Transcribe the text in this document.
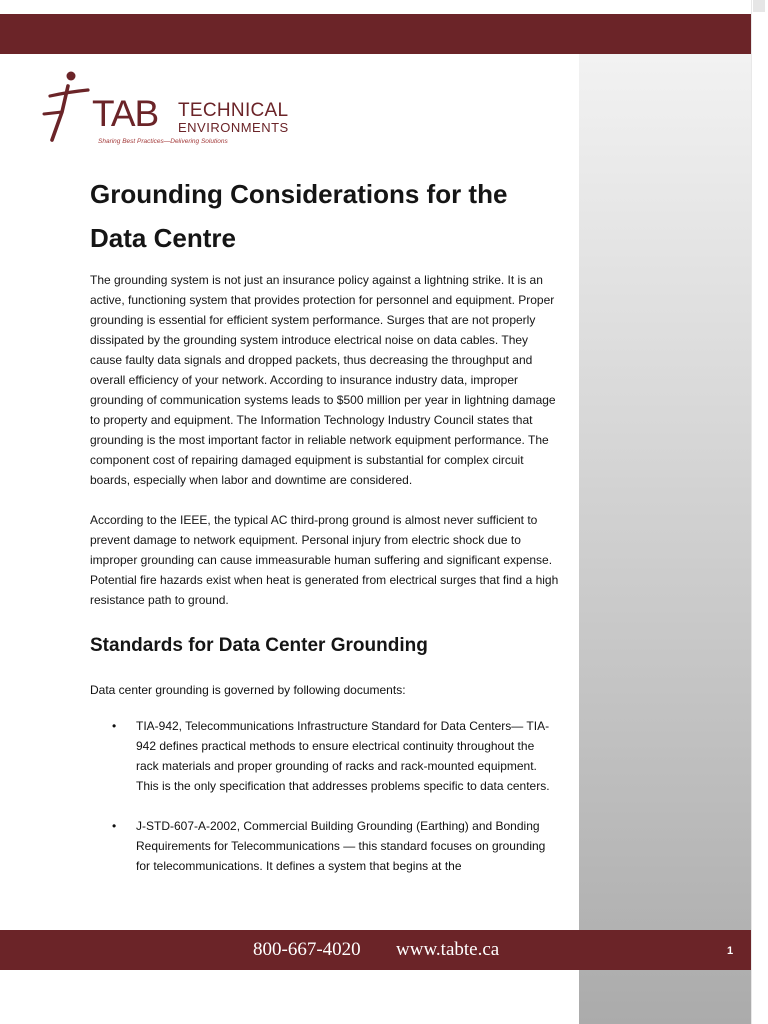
TAB TECHNICAL
ENVIRONMENTS
Sharing Best Practices—Delivering Solutions
Grounding Considerations for the Data Centre

The grounding system is not just an insurance policy against a lightning strike. It is an active, functioning system that provides protection for personnel and equipment. Proper grounding is essential for efficient system performance. Surges that are not properly dissipated by the grounding system introduce electrical noise on data cables. They cause faulty data signals and dropped packets, thus decreasing the throughput and overall efficiency of your network. According to insurance industry data, improper grounding of communication systems leads to $500 million per year in lightning damage to property and equipment. The Information Technology Industry Council states that grounding is the most important factor in reliable network equipment performance. The component cost of repairing damaged equipment is substantial for complex circuit boards, especially when labor and downtime are considered.

According to the IEEE, the typical AC third-prong ground is almost never sufficient to prevent damage to network equipment. Personal injury from electric shock due to improper grounding can cause immeasurable human suffering and significant expense. Potential fire hazards exist when heat is generated from electrical surges that find a high resistance path to ground.

Standards for Data Center Grounding

Data center grounding is governed by following documents:

• TIA-942, Telecommunications Infrastructure Standard for Data Centers— TIA-942 defines practical methods to ensure electrical continuity throughout the rack materials and proper grounding of racks and rack-mounted equipment. This is the only specification that addresses problems specific to data centers.
• J-STD-607-A-2002, Commercial Building Grounding (Earthing) and Bonding Requirements for Telecommunications — this standard focuses on grounding for telecommunications. It defines a system that begins at the
800-667-4020 www.tabte.ca	1
